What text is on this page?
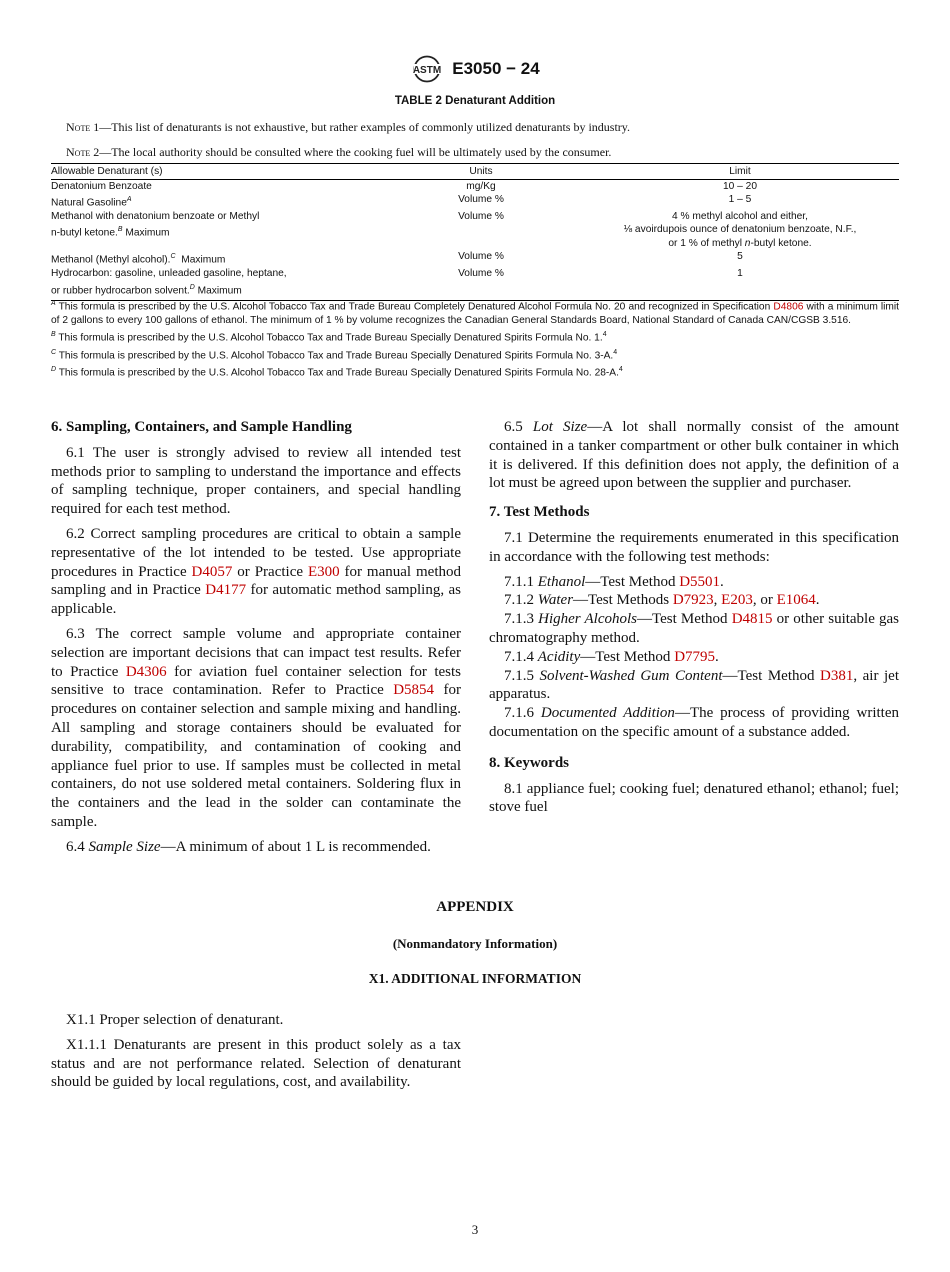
ASTM E3050 − 24
TABLE 2 Denaturant Addition
Note 1—This list of denaturants is not exhaustive, but rather examples of commonly utilized denaturants by industry.
Note 2—The local authority should be consulted where the cooking fuel will be ultimately used by the consumer.
Allowable Denaturant (s)	Units	Limit
Denatonium Benzoate	mg/Kg	10 – 20
Natural Gasoline$^A$	Volume %	1 – 5
Methanol with denatonium benzoate or Methyl
n-butyl ketone.$^B$ Maximum	Volume %	4 % methyl alcohol and either,
⅛ avoirdupois ounce of denatonium benzoate, N.F.,
or 1 % of methyl n-butyl ketone.
Methanol (Methyl alcohol).$^C$  Maximum	Volume %	5
Hydrocarbon: gasoline, unleaded gasoline, heptane,
or rubber hydrocarbon solvent.$^D$ Maximum	Volume %	1

$^A$ This formula is prescribed by the U.S. Alcohol Tobacco Tax and Trade Bureau Completely Denatured Alcohol Formula No. 20 and recognized in Specification D4806 with a minimum limit of 2 gallons to every 100 gallons of ethanol. The minimum of 1 % by volume recognizes the Canadian General Standards Board, National Standard of Canada CAN/CGSB 3.516.

$^B$ This formula is prescribed by the U.S. Alcohol Tobacco Tax and Trade Bureau Specially Denatured Spirits Formula No. 1.$^4$

$^C$ This formula is prescribed by the U.S. Alcohol Tobacco Tax and Trade Bureau Specially Denatured Spirits Formula No. 3-A.$^4$

$^D$ This formula is prescribed by the U.S. Alcohol Tobacco Tax and Trade Bureau Specially Denatured Spirits Formula No. 28-A.$^4$

6. Sampling, Containers, and Sample Handling

6.1 The user is strongly advised to review all intended test methods prior to sampling to understand the importance and effects of sampling technique, proper containers, and special handling required for each test method.

6.2 Correct sampling procedures are critical to obtain a sample representative of the lot intended to be tested. Use appropriate procedures in Practice D4057 or Practice E300 for manual method sampling and in Practice D4177 for automatic method sampling, as applicable.

6.3 The correct sample volume and appropriate container selection are important decisions that can impact test results. Refer to Practice D4306 for aviation fuel container selection for tests sensitive to trace contamination. Refer to Practice D5854 for procedures on container selection and sample mixing and handling. All sampling and storage containers should be evaluated for durability, compatibility, and contamination of cooking and appliance fuel prior to use. If samples must be collected in metal containers, do not use soldered metal containers. Soldering flux in the containers and the lead in the solder can contaminate the sample.

6.4 Sample Size—A minimum of about 1 L is recommended.

6.5 Lot Size—A lot shall normally consist of the amount contained in a tanker compartment or other bulk container in which it is delivered. If this definition does not apply, the definition of a lot must be agreed upon between the supplier and purchaser.

7. Test Methods

7.1 Determine the requirements enumerated in this specification in accordance with the following test methods:

7.1.1 Ethanol—Test Method D5501.

7.1.2 Water—Test Methods D7923, E203, or E1064.

7.1.3 Higher Alcohols—Test Method D4815 or other suitable gas chromatography method.

7.1.4 Acidity—Test Method D7795.

7.1.5 Solvent-Washed Gum Content—Test Method D381, air jet apparatus.

7.1.6 Documented Addition—The process of providing written documentation on the specific amount of a substance added.

8. Keywords

8.1 appliance fuel; cooking fuel; denatured ethanol; ethanol; fuel; stove fuel

APPENDIX
(Nonmandatory Information)
X1. ADDITIONAL INFORMATION

X1.1 Proper selection of denaturant.

X1.1.1 Denaturants are present in this product solely as a tax status and are not performance related. Selection of denaturant should be guided by local regulations, cost, and availability.

3
